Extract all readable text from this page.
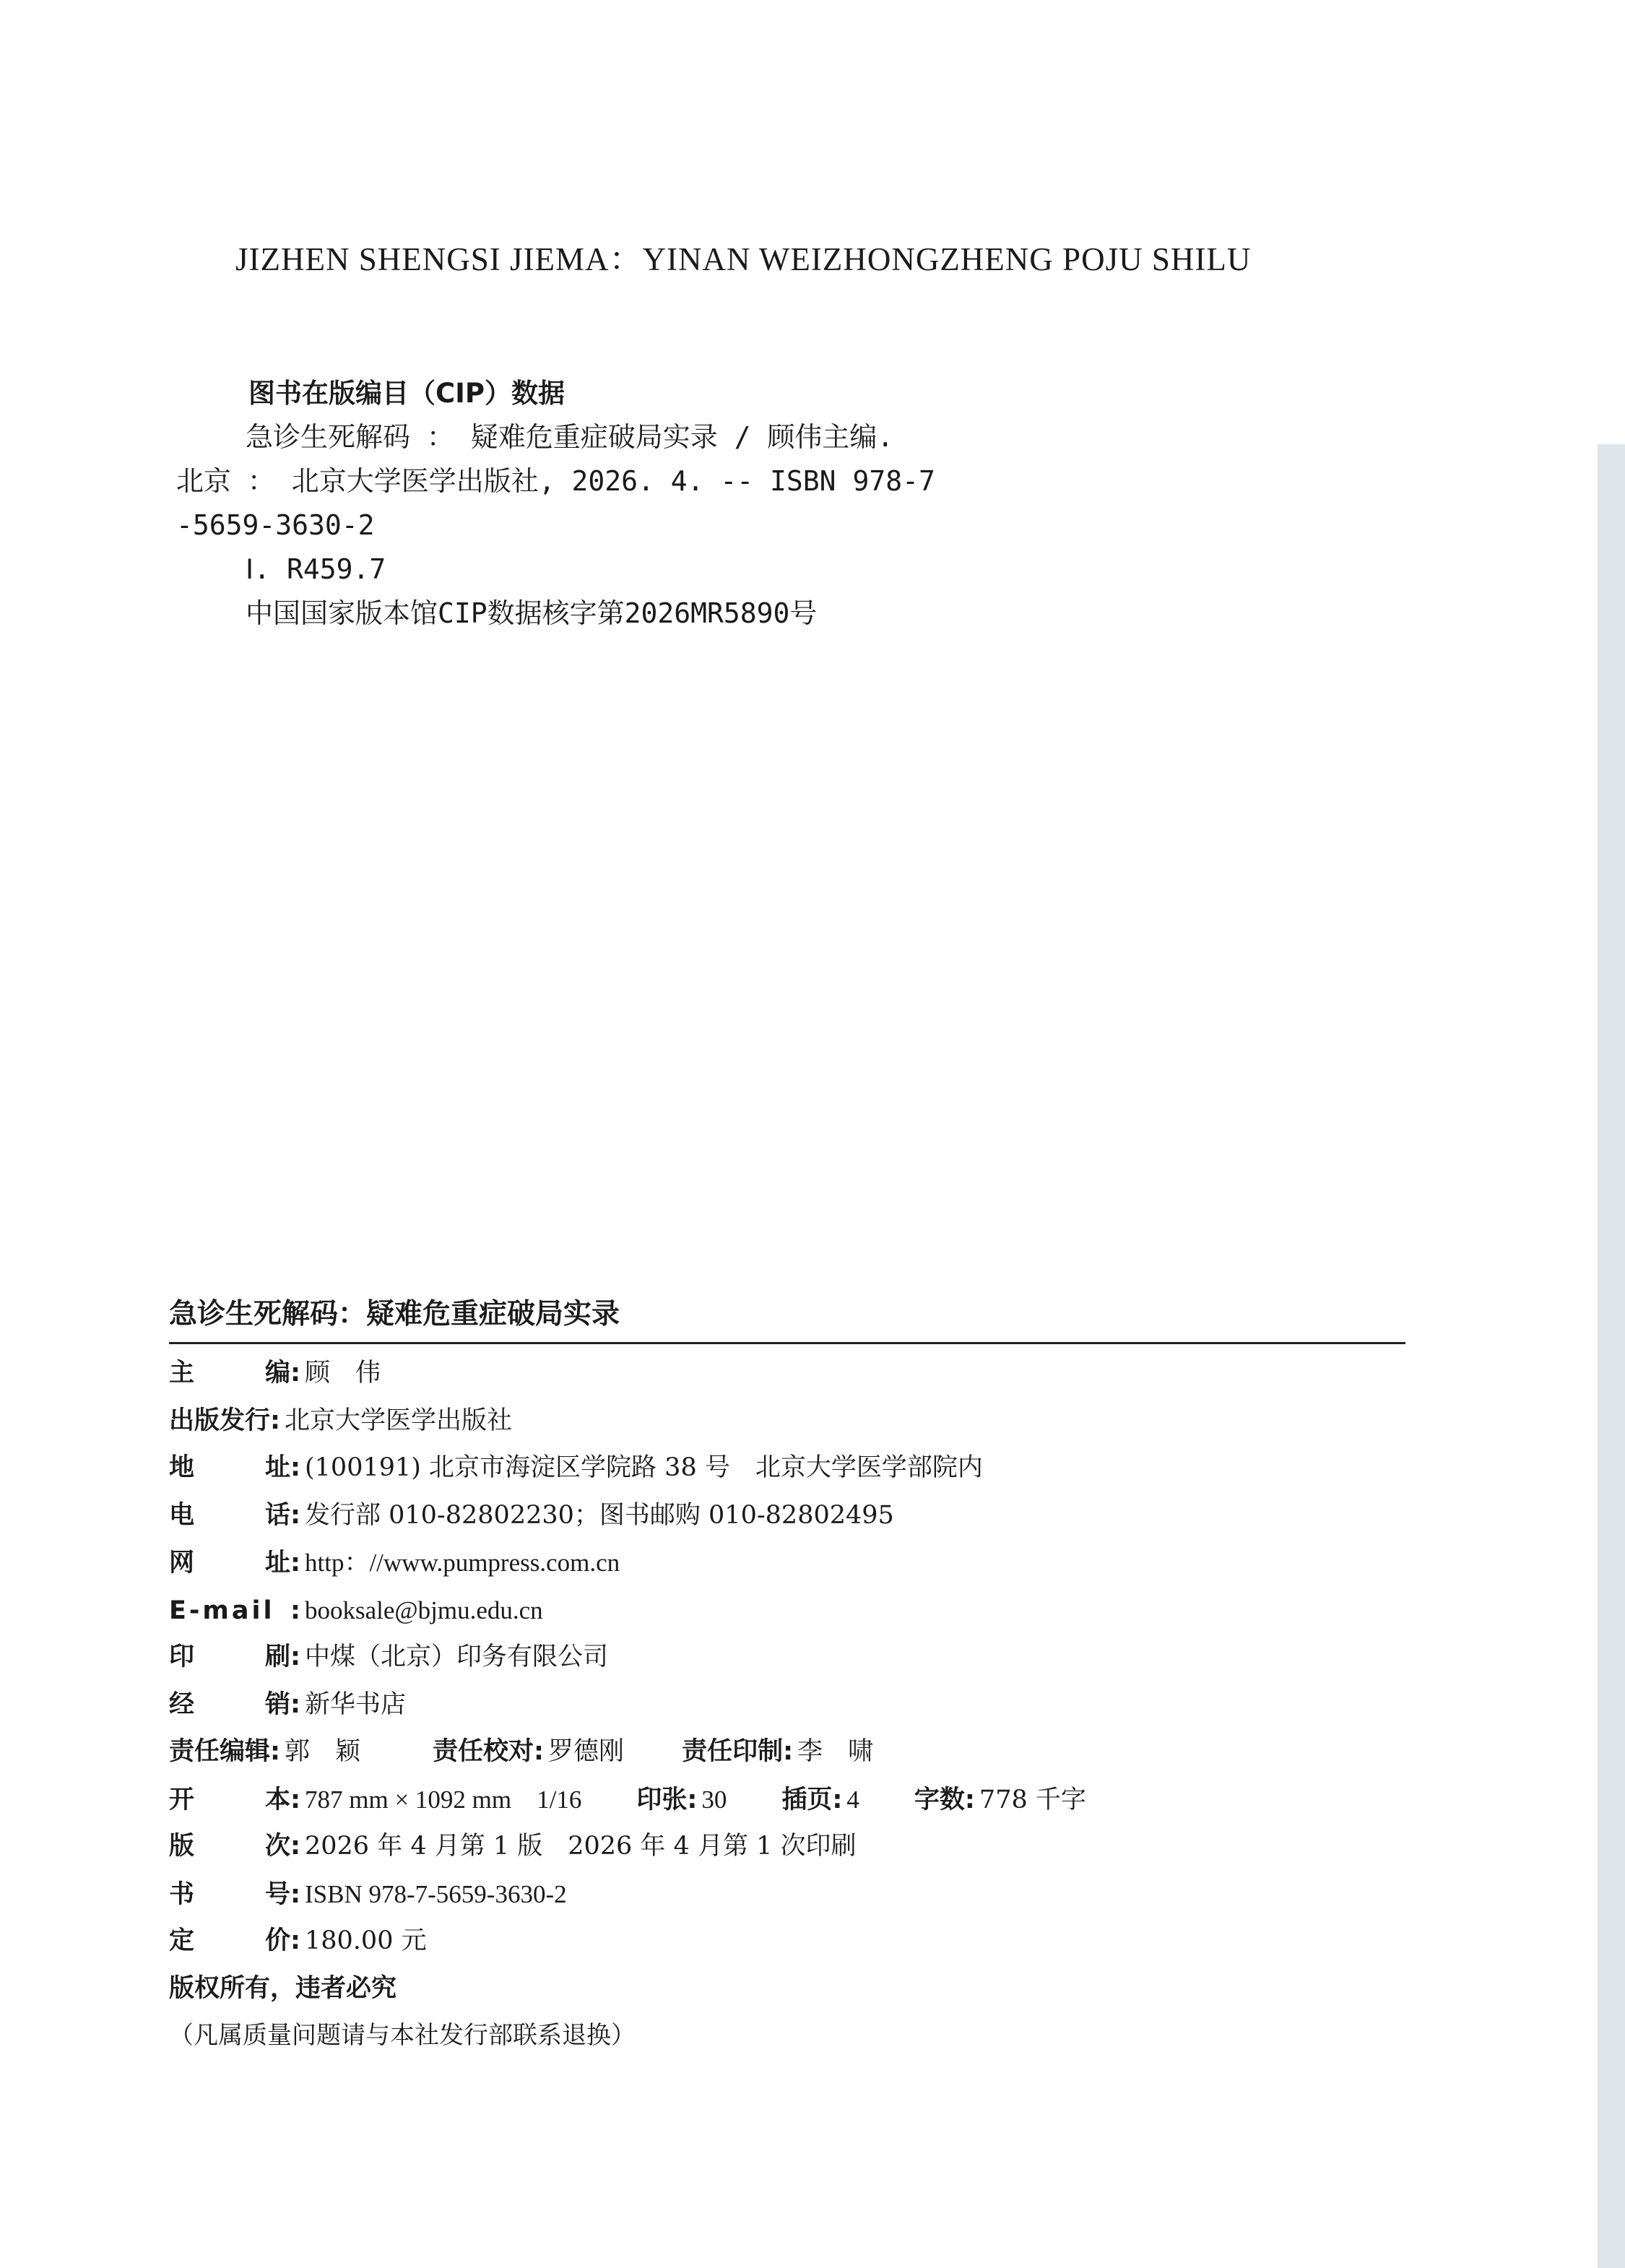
JIZHEN SHENGSI JIEMA：YINAN WEIZHONGZHENG POJU SHILU
图书在版编目（CIP）数据
急诊生死解码 ： 疑难危重症破局实录 / 顾伟主编.
北京 ： 北京大学医学出版社, 2026. 4. -- ISBN 978-7
-5659-3630-2
Ⅰ. R459.7
中国国家版本馆CIP数据核字第2026MR5890号
急诊生死解码：疑难危重症破局实录
主	编 : 顾　伟
出版发行 : 北京大学医学出版社
地	址 : (100191) 北京市海淀区学院路 38 号　北京大学医学部院内
电	话 : 发行部 010-82802230；图书邮购 010-82802495
网	址 : http：//www.pumpress.com.cn
E-mail : booksale@bjmu.edu.cn
印	刷 : 中煤（北京）印务有限公司
经	销 : 新华书店
责任编辑 : 郭　颖	责任校对 : 罗德刚 责任印制 : 李　啸
开	本 : 787 mm × 1092 mm　1/16 印张 : 30 插页 : 4 字数 : 778 千字
版	次 : 2026 年 4 月第 1 版　2026 年 4 月第 1 次印刷
书	号 : ISBN 978-7-5659-3630-2
定	价 : 180.00 元
版权所有，违者必究
（凡属质量问题请与本社发行部联系退换）
